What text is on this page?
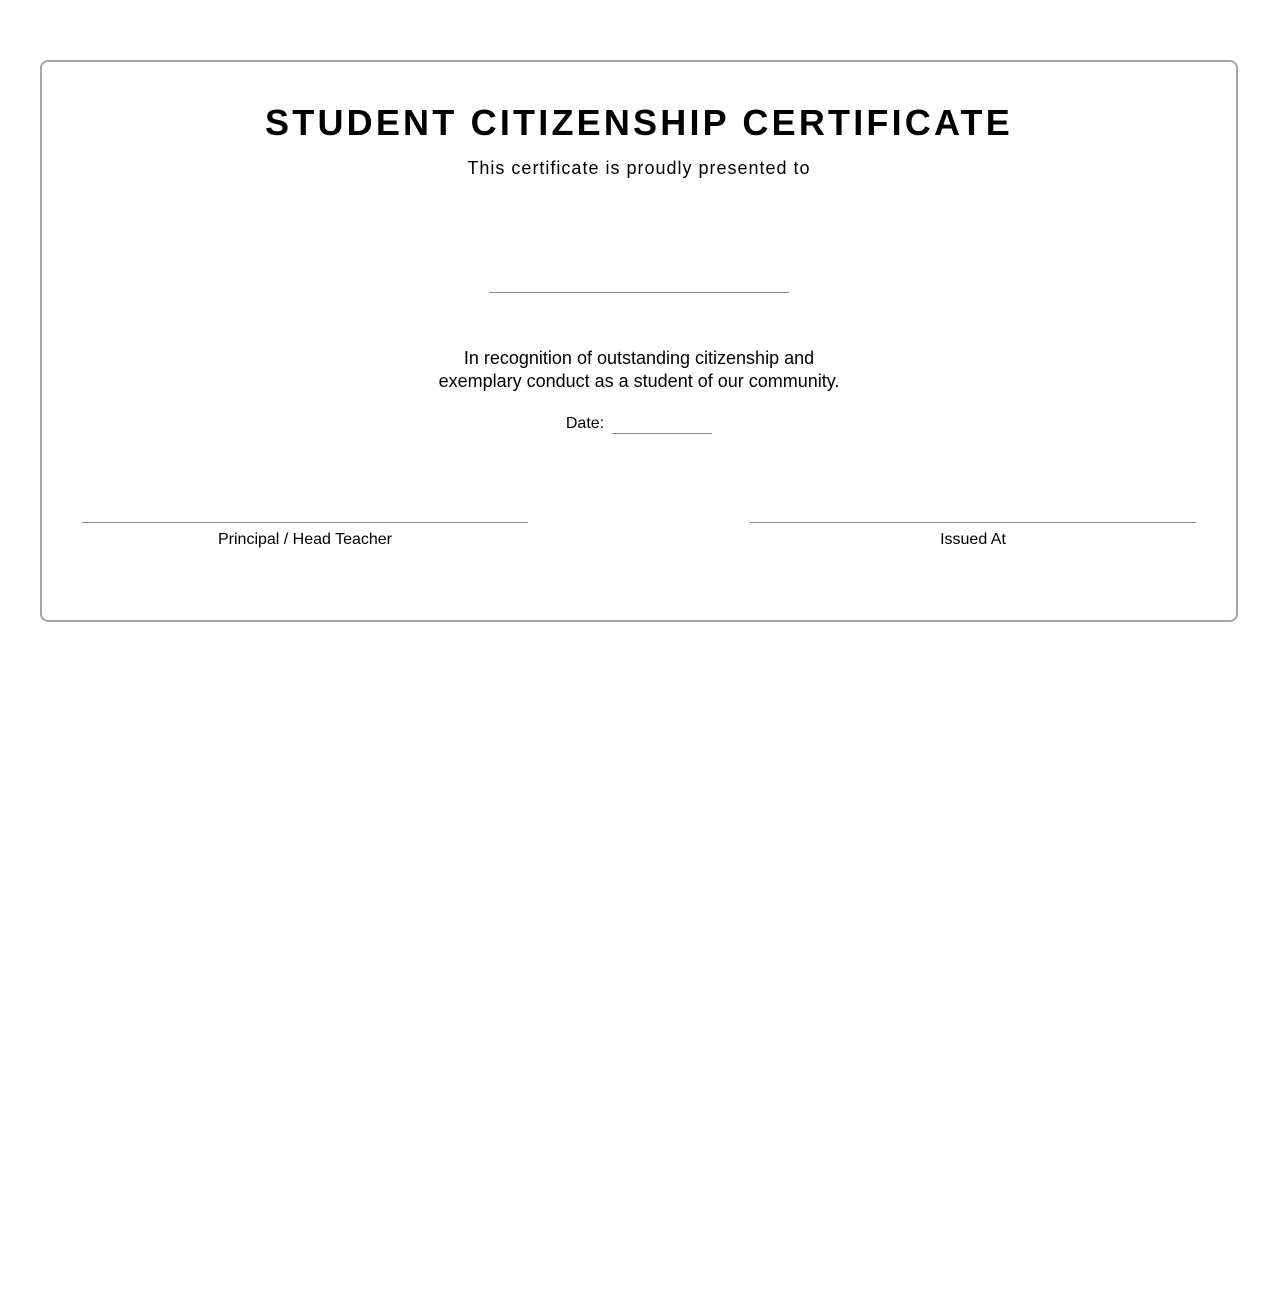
STUDENT CITIZENSHIP CERTIFICATE
This certificate is proudly presented to
In recognition of outstanding citizenship and
exemplary conduct as a student of our community.
Date:
Principal / Head Teacher	Issued At
